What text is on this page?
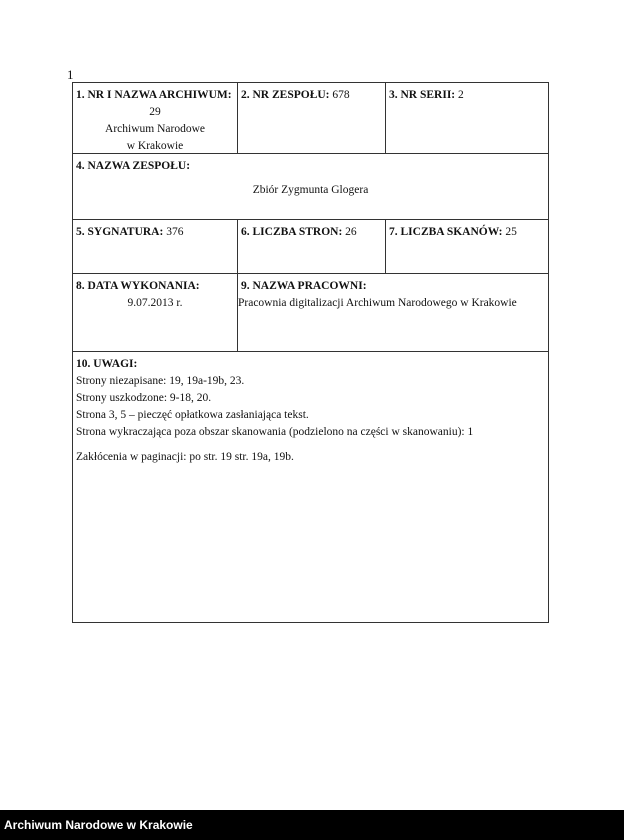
1
1. NR I NAZWA ARCHIWUM:
29
Archiwum Narodowe
w Krakowie
2. NR ZESPOŁU: 678	3. NR SERII: 2
4. NAZWA ZESPOŁU:
Zbiór Zygmunta Glogera
5. SYGNATURA: 376	6. LICZBA STRON: 26	7. LICZBA SKANÓW: 25
8. DATA WYKONANIA:
9.07.2013 r.
9. NAZWA PRACOWNI:
Pracownia digitalizacji Archiwum Narodowego w Krakowie
10. UWAGI:

Strony niezapisane: 19, 19a-19b, 23.

Strony uszkodzone: 9-18, 20.

Strona 3, 5 – pieczęć opłatkowa zasłaniająca tekst.

Strona wykraczająca poza obszar skanowania (podzielono na części w skanowaniu): 1

Zakłócenia w paginacji: po str. 19 str. 19a, 19b.

Archiwum Narodowe w Krakowie
